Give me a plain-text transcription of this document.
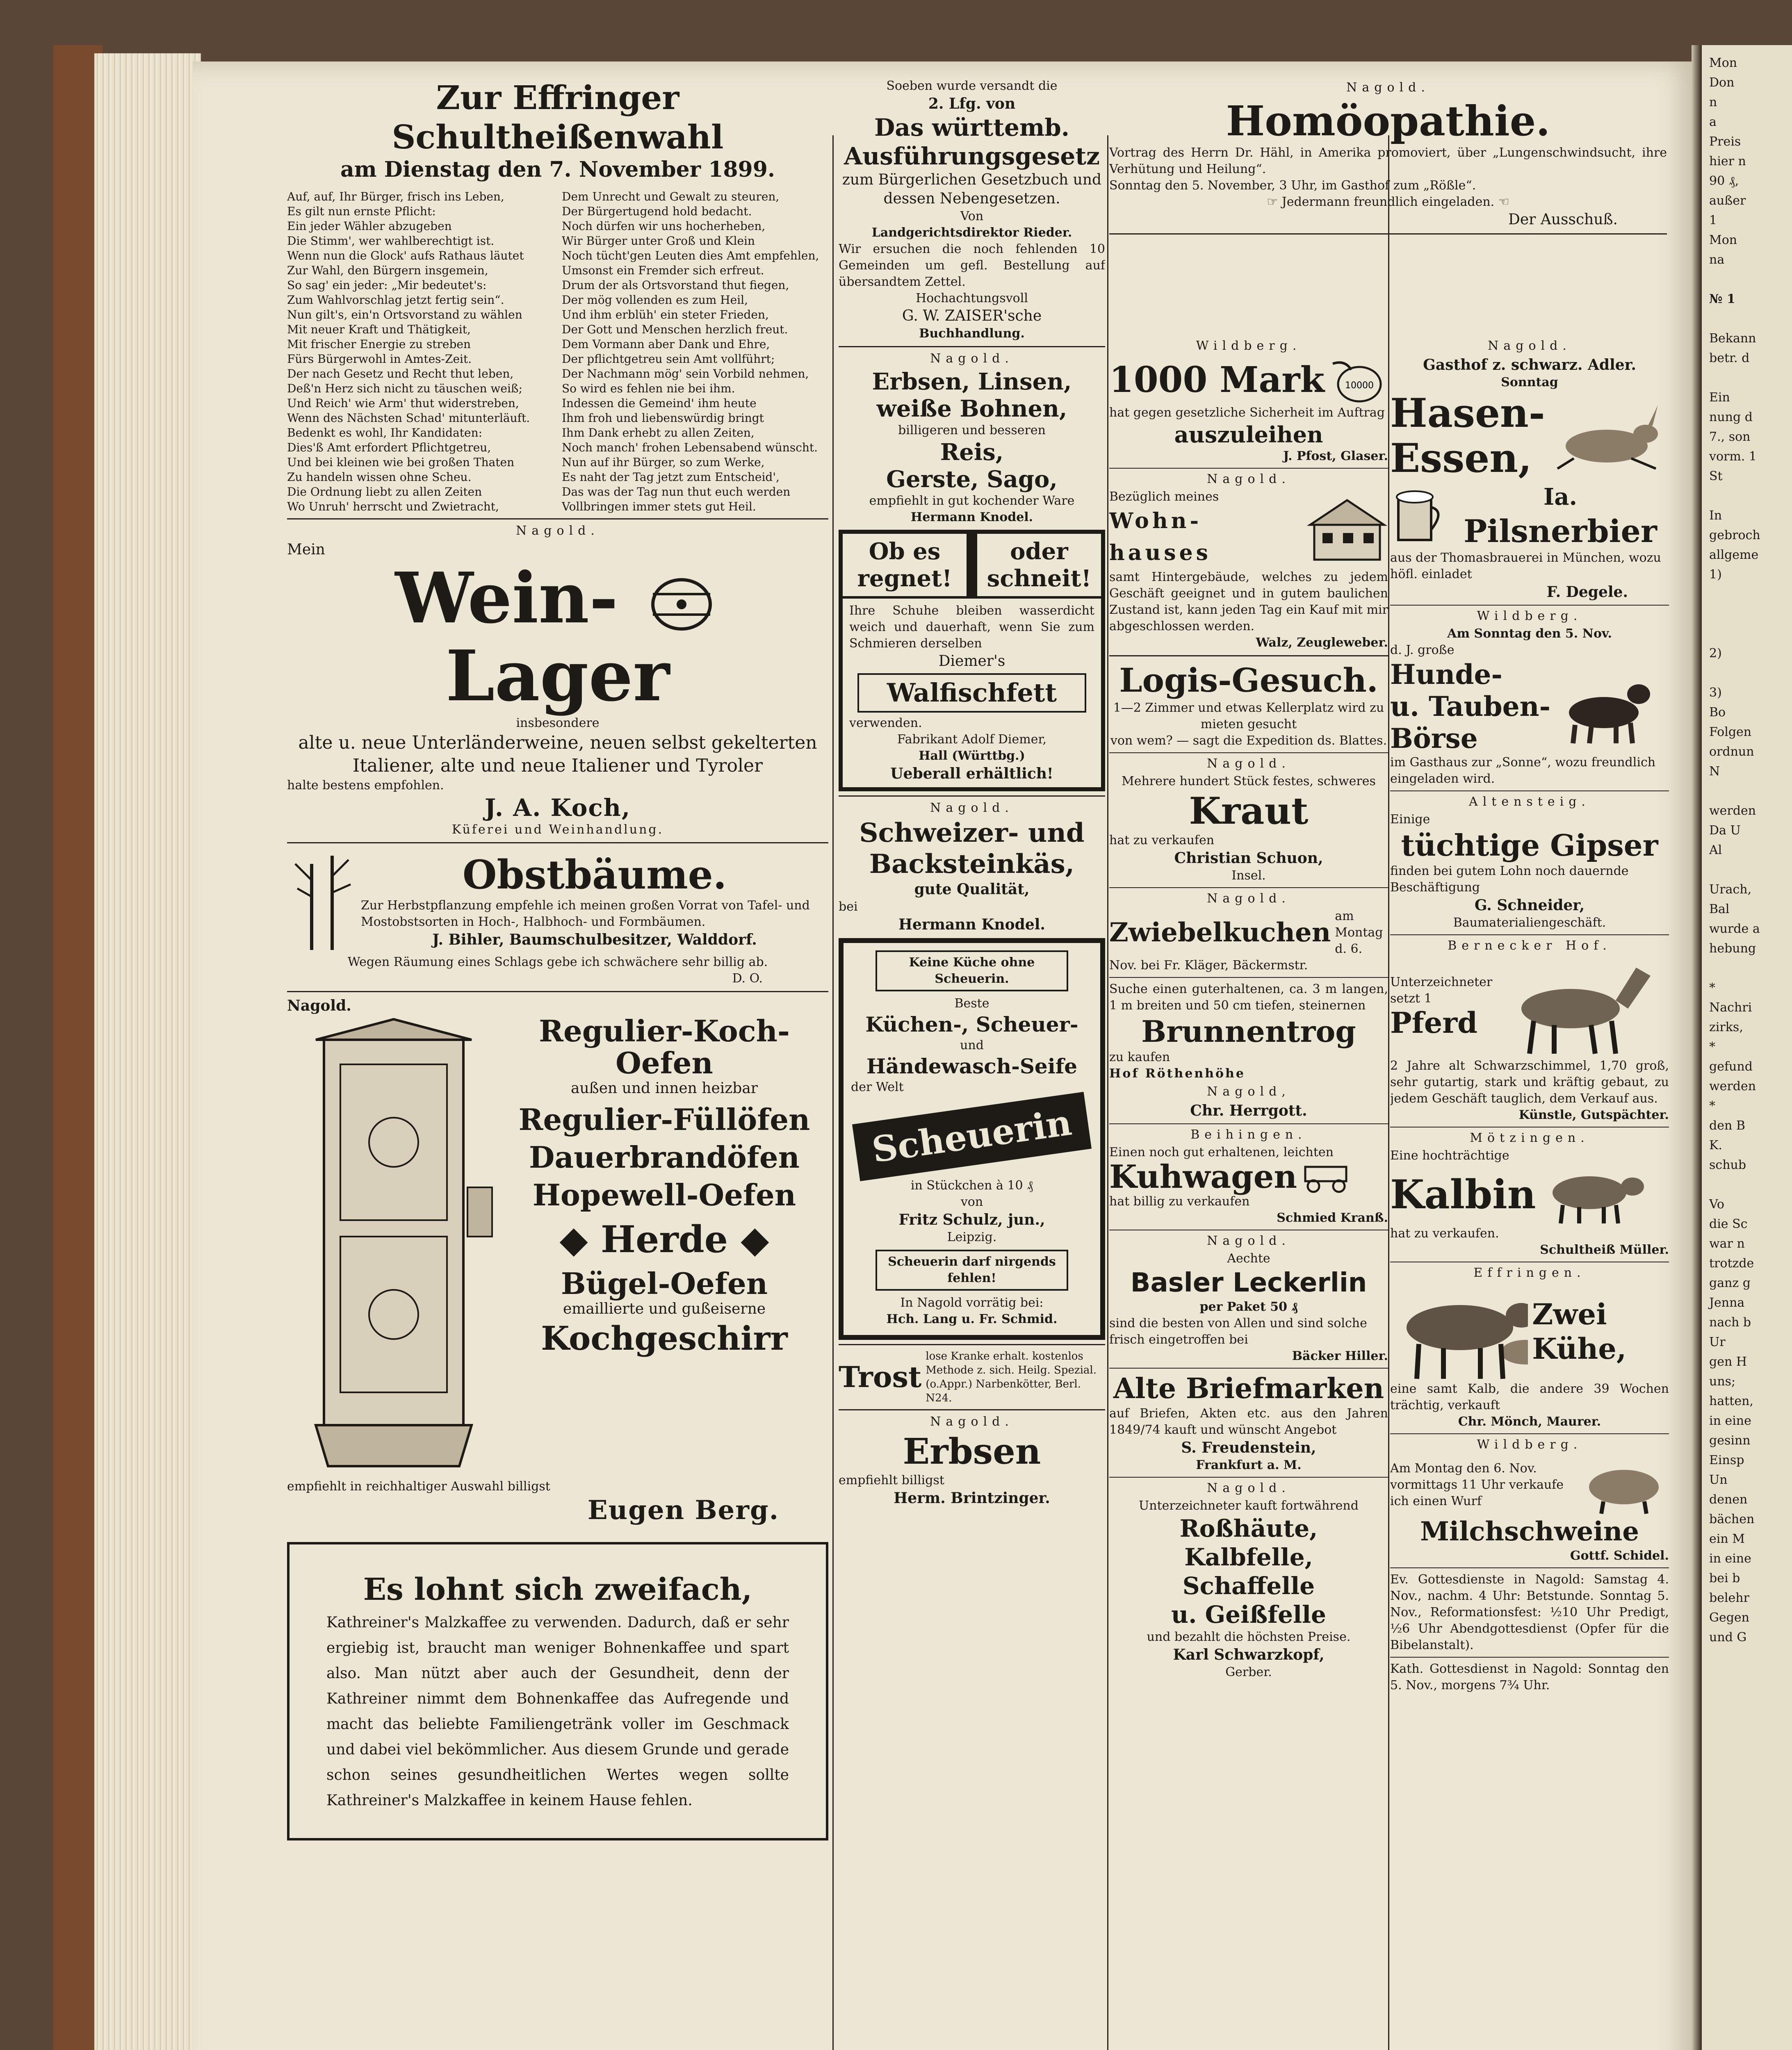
Mon
Don
n
a
Preis
hier n
90 ₰,
außer
1
Mon
na
№ 1
Bekann
betr. d
Ein
nung d
7., son
vorm. 1
St
In
gebroch
allgeme
1)
2)
3)
Bo
Folgen
ordnun
N
werden
Da U
Al
Urach,
Bal
wurde a
hebung
*
Nachri
zirks,
*
gefund
werden
*
den B
K.
schub
Vo
die Sc
war n
trotzde
ganz g
Jenna
nach b
Ur
gen H
uns;
hatten,
in eine
gesinn
Einsp
Un
denen
bächen
ein M
in eine
bei b
belehr
Gegen
und G
Zur Effringer Schultheißenwahl
am Dienstag den 7. November 1899.
Auf, auf, Ihr Bürger, frisch ins Leben,
Es gilt nun ernste Pflicht:
Ein jeder Wähler abzugeben
Die Stimm', wer wahlberechtigt ist.
Wenn nun die Glock' aufs Rathaus läutet
Zur Wahl, den Bürgern insgemein,
So sag' ein jeder: „Mir bedeutet's:
Zum Wahlvorschlag jetzt fertig sein“.
Nun gilt's, ein'n Ortsvorstand zu wählen
Mit neuer Kraft und Thätigkeit,
Mit frischer Energie zu streben
Fürs Bürgerwohl in Amtes-Zeit.
Der nach Gesetz und Recht thut leben,
Deß'n Herz sich nicht zu täuschen weiß;
Und Reich' wie Arm' thut widerstreben,
Wenn des Nächsten Schad' mitunterläuft.
Bedenkt es wohl, Ihr Kandidaten:
Dies'ß Amt erfordert Pflichtgetreu,
Und bei kleinen wie bei großen Thaten
Zu handeln wissen ohne Scheu.
Die Ordnung liebt zu allen Zeiten
Wo Unruh' herrscht und Zwietracht,
Dem Unrecht und Gewalt zu steuren,
Der Bürgertugend hold bedacht.
Noch dürfen wir uns hocherheben,
Wir Bürger unter Groß und Klein
Noch tücht'gen Leuten dies Amt empfehlen,
Umsonst ein Fremder sich erfreut.
Drum der als Ortsvorstand thut fiegen,
Der mög vollenden es zum Heil,
Und ihm erblüh' ein steter Frieden,
Der Gott und Menschen herzlich freut.
Dem Vormann aber Dank und Ehre,
Der pflichtgetreu sein Amt vollführt;
Der Nachmann mög' sein Vorbild nehmen,
So wird es fehlen nie bei ihm.
Indessen die Gemeind' ihm heute
Ihm froh und liebenswürdig bringt
Ihm Dank erhebt zu allen Zeiten,
Noch manch' frohen Lebensabend wünscht.
Nun auf ihr Bürger, so zum Werke,
Es naht der Tag jetzt zum Entscheid',
Das was der Tag nun thut euch werden
Vollbringen immer stets gut Heil.
Nagold.
Mein
Wein-  Lager
insbesondere
alte u. neue Unterländerweine, neuen selbst gekelterten
Italiener, alte und neue Italiener und Tyroler
halte bestens empfohlen.
J. A. Koch,
Küferei und Weinhandlung.
Obstbäume.
Zur Herbstpflanzung empfehle ich meinen großen Vorrat von Tafel- und Mostobstsorten in Hoch-, Halbhoch- und Formbäumen.
J. Bihler, Baumschulbesitzer, Walddorf.
Wegen Räumung eines Schlags gebe ich schwächere sehr billig ab.
D. O.
Nagold.
Regulier-Koch-
Oefen
außen und innen heizbar
Regulier-Füllöfen
Dauerbrandöfen
Hopewell-Oefen
◆ Herde ◆
Bügel-Oefen
emaillierte und gußeiserne
Kochgeschirr
empfiehlt in reichhaltiger Auswahl billigst
Eugen Berg.
Es lohnt sich zweifach,
Kathreiner's Malzkaffee zu verwenden. Dadurch, daß er sehr ergiebig ist, braucht man weniger Bohnenkaffee und spart also. Man nützt aber auch der Gesundheit, denn der Kathreiner nimmt dem Bohnenkaffee das Aufregende und macht das beliebte Familiengetränk voller im Geschmack und dabei viel bekömmlicher. Aus diesem Grunde und gerade schon seines gesundheitlichen Wertes wegen sollte Kathreiner's Malzkaffee in keinem Hause fehlen.
Soeben wurde versandt die
2. Lfg. von
Das württemb.
Ausführungsgesetz
zum Bürgerlichen Gesetzbuch und dessen Nebengesetzen.
Von
Landgerichtsdirektor Rieder.
Wir ersuchen die noch fehlenden 10 Gemeinden um gefl. Bestellung auf übersandtem Zettel.
Hochachtungsvoll
G. W. ZAISER'sche
Buchhandlung.
Nagold.
Erbsen, Linsen,
weiße Bohnen,
billigeren und besseren
Reis,
Gerste, Sago,
empfiehlt in gut kochender Ware
Hermann Knodel.
Ob es regnet!
oder schneit!
Ihre Schuhe bleiben wasserdicht weich und dauerhaft, wenn Sie zum Schmieren derselben
Diemer's
Walfischfett
verwenden.
Fabrikant Adolf Diemer,
Hall (Württbg.)
Ueberall erhältlich!
Nagold.
Schweizer- und
Backsteinkäs,
gute Qualität,
bei
Hermann Knodel.
Keine Küche ohne Scheuerin.
Beste
Küchen-, Scheuer-
und
Händewasch-Seife
der Welt
Scheuerin
in Stückchen à 10 ₰
von
Fritz Schulz, jun.,
Leipzig.
Scheuerin darf nirgends fehlen!
In Nagold vorrätig bei:
Hch. Lang u. Fr. Schmid.
Trost
lose Kranke erhalt. kostenlos Methode z. sich. Heilg. Spezial.(o.Appr.) Narbenkötter, Berl. N24.
Nagold.
Erbsen
empfiehlt billigst
Herm. Brintzinger.
Nagold.
Homöopathie.
Vortrag des Herrn Dr. Hähl, in Amerika promoviert, über „Lungenschwindsucht, ihre Verhütung und Heilung“.
Sonntag den 5. November, 3 Uhr, im Gasthof zum „Rößle“.
☞ Jedermann freundlich eingeladen. ☜
Der Ausschuß.
Wildberg.
1000 Mark 10000
hat gegen gesetzliche Sicherheit im Auftrag
auszuleihen
J. Pfost, Glaser.
Nagold.
Bezüglich meines
Wohn-hauses
samt Hintergebäude, welches zu jedem Geschäft geeignet und in gutem baulichen Zustand ist, kann jeden Tag ein Kauf mit mir abgeschlossen werden.
Walz, Zeugleweber.
Logis-Gesuch.
1—2 Zimmer und etwas Kellerplatz wird zu mieten gesucht
von wem? — sagt die Expedition ds. Blattes.
Nagold.
Mehrere hundert Stück festes, schweres
Kraut
hat zu verkaufen
Christian Schuon,
Insel.
Nagold.
Zwiebelkuchen
am Montag d. 6.
Nov. bei Fr. Kläger, Bäckermstr.
Suche einen guterhaltenen, ca. 3 m langen, 1 m breiten und 50 cm tiefen, steinernen
Brunnentrog
zu kaufen
Hof Röthenhöhe
Nagold,
Chr. Herrgott.
Beihingen.
Einen noch gut erhaltenen, leichten
Kuhwagen
hat billig zu verkaufen
Schmied Kranß.
Nagold.
Aechte
Basler Leckerlin
per Paket 50 ₰
sind die besten von Allen und sind solche frisch eingetroffen bei
Bäcker Hiller.
Alte Briefmarken
auf Briefen, Akten etc. aus den Jahren 1849/74 kauft und wünscht Angebot
S. Freudenstein,
Frankfurt a. M.
Nagold.
Unterzeichneter kauft fortwährend
Roßhäute,
Kalbfelle,
Schaffelle
u. Geißfelle
und bezahlt die höchsten Preise.
Karl Schwarzkopf,
Gerber.
Nagold.
Gasthof z. schwarz. Adler.
Sonntag
Hasen-
Essen,
Ia.
Pilsnerbier
aus der Thomasbrauerei in München, wozu höfl. einladet
F. Degele.
Wildberg.
Am Sonntag den 5. Nov.
d. J. große
Hunde-
u. Tauben-
Börse
im Gasthaus zur „Sonne“, wozu freundlich eingeladen wird.
Altensteig.
Einige
tüchtige Gipser
finden bei gutem Lohn noch dauernde Beschäftigung
G. Schneider,
Baumaterialiengeschäft.
Bernecker Hof.
Unterzeichneter setzt 1
Pferd
2 Jahre alt Schwarzschimmel, 1,70 groß, sehr gutartig, stark und kräftig gebaut, zu jedem Geschäft tauglich, dem Verkauf aus.
Künstle, Gutspächter.
Mötzingen.
Eine hochträchtige
Kalbin
hat zu verkaufen.
Schultheiß Müller.
Effringen.
Zwei Kühe,
eine samt Kalb, die andere 39 Wochen trächtig, verkauft
Chr. Mönch, Maurer.
Wildberg.
Am Montag den 6. Nov. vormittags 11 Uhr verkaufe ich einen Wurf
Milchschweine
Gottf. Schidel.
Ev. Gottesdienste in Nagold: Samstag 4. Nov., nachm. 4 Uhr: Betstunde. Sonntag 5. Nov., Reformationsfest: ½10 Uhr Predigt, ½6 Uhr Abendgottesdienst (Opfer für die Bibelanstalt).
Kath. Gottesdienst in Nagold: Sonntag den 5. Nov., morgens 7¾ Uhr.
